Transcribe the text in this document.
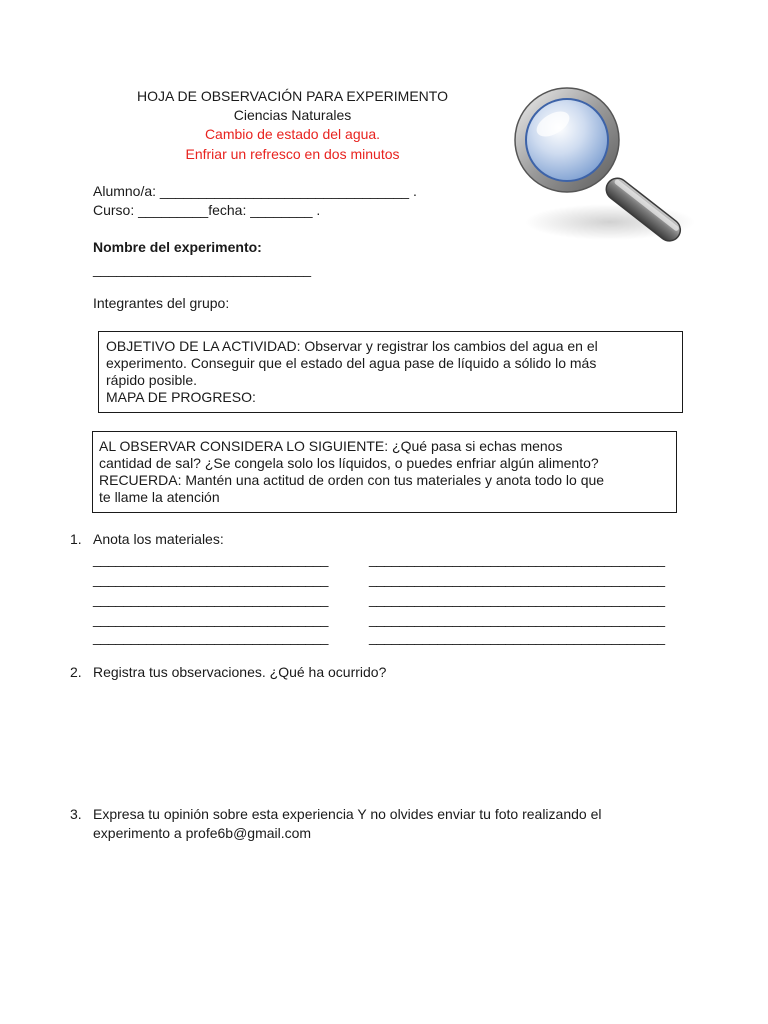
HOJA DE OBSERVACIÓN PARA EXPERIMENTO
Ciencias Naturales
Cambio de estado del agua.
Enfriar un refresco en dos minutos
Alumno/a: ________________________________ .
Curso: _________fecha: ________ .
Nombre del experimento:
____________________________
Integrantes del grupo:
OBJETIVO DE LA ACTIVIDAD: Observar y registrar los cambios del agua en el
experimento. Conseguir que el estado del agua pase de líquido a sólido lo más
rápido posible.
MAPA DE PROGRESO:
AL OBSERVAR CONSIDERA LO SIGUIENTE: ¿Qué pasa si echas menos
cantidad de sal? ¿Se congela solo los líquidos, o puedes enfriar algún alimento?
RECUERDA: Mantén una actitud de orden con tus materiales y anota todo lo que
te llame la atención
1. Anota los materiales:
_______________________________
_______________________________
_______________________________
_______________________________
_______________________________
_______________________________________
_______________________________________
_______________________________________
_______________________________________
_______________________________________
2. Registra tus observaciones. ¿Qué ha ocurrido?
3. Expresa tu opinión sobre esta experiencia Y no olvides enviar tu foto realizando el
experimento a profe6b@gmail.com
